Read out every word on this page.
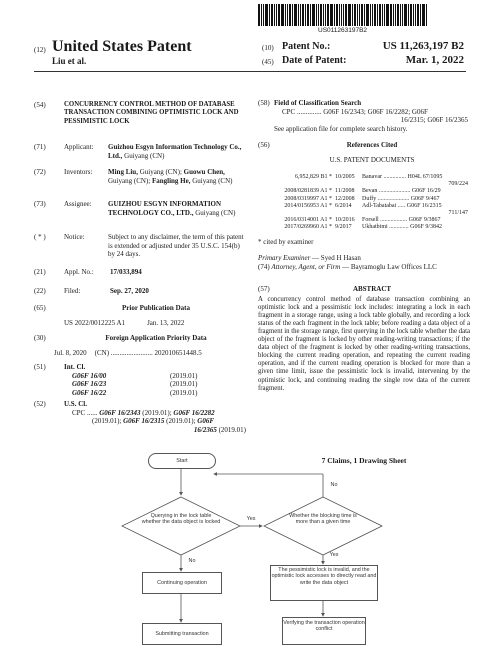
US011263197B2
(12) United States Patent
Liu et al.
(10) Patent No.:	US 11,263,197 B2
(45) Date of Patent:	Mar. 1, 2022
(54)	CONCURRENCY CONTROL METHOD OF DATABASE TRANSACTION COMBINING OPTIMISTIC LOCK AND PESSIMISTIC LOCK
(71)	Applicant: Guizhou Esgyn Information Technology Co., Ltd., Guiyang (CN)
(72)	Inventors: Ming Liu, Guiyang (CN); Guowu Chen, Guiyang (CN); Fangling He, Guiyang (CN)
(73)	Assignee: GUIZHOU ESGYN INFORMATION TECHNOLOGY CO., LTD., Guiyang (CN)
( * )	Notice:	Subject to any disclaimer, the term of this patent is extended or adjusted under 35 U.S.C. 154(b) by 24 days.
(21)	Appl. No.: 17/033,894
(22)	Filed:	Sep. 27, 2020
(65)	Prior Publication Data
US 2022/0012225 A1	Jan. 13, 2022
(30)	Foreign Application Priority Data
Jul. 8, 2020 (CN) ........................ 202010651448.5
(51)	Int. Cl.
G06F 16/00	(2019.01)
G06F 16/23	(2019.01)
G06F 16/22	(2019.01)
(52)	U.S. Cl.
CPC ...... G06F 16/2343 (2019.01); G06F 16/2282
(2019.01); G06F 16/2315 (2019.01); G06F
16/2365 (2019.01)
(58) Field of Classification Search
CPC .............. G06F 16/2343; G06F 16/2282; G06F
16/2315; G06F 16/2365
See application file for complete search history.
(56)	References Cited
U.S. PATENT DOCUMENTS
6,952,829 B1 * 10/2005 Banavar ............... H04L 67/1095
709/224
2008/0281839 A1 * 11/2008 Bevan ..................... G06F 16/29
2008/0319997 A1 * 12/2008 Duffy ..................... G06F 9/467
2014/0156953 A1 * 6/2014 Adl-Tabatabai ..... G06F 16/2315
711/147
2016/0314001 A1 * 10/2016 Forsell .................. G06F 9/3867
2017/0269960 A1 * 9/2017 Ukhatbimi ............. G06F 9/3842
* cited by examiner
Primary Examiner — Syed H Hasan
(74) Attorney, Agent, or Firm — Bayramoglu Law Offices LLC
(57)	ABSTRACT
A concurrency control method of database transaction combining an optimistic lock and a pessimistic lock includes: integrating a lock in each fragment in a storage range, using a lock table globally, and recording a lock status of the each fragment in the lock table; before reading a data object of a fragment in the storage range, first querying in the lock table whether the data object of the fragment is locked by other reading-writing transactions; if the data object of the fragment is locked by other reading-writing transactions, blocking the current reading operation, and repeating the current reading operation, and if the current reading operation is blocked for more than a given time limit, issue the pessimistic lock is invalid, intervening by the optimistic lock, and continuing reading the single row data of the current fragment.
7 Claims, 1 Drawing Sheet
Start
Querying in the lock table whether the data object is locked
Whether the blocking time is more than a given time
Yes
No
No
Yes
Continuing operation
The pessimistic lock is invalid, and the optimistic lock accesses to directly read and write the data object
Submitting transaction
Verifying the transaction operation conflict
